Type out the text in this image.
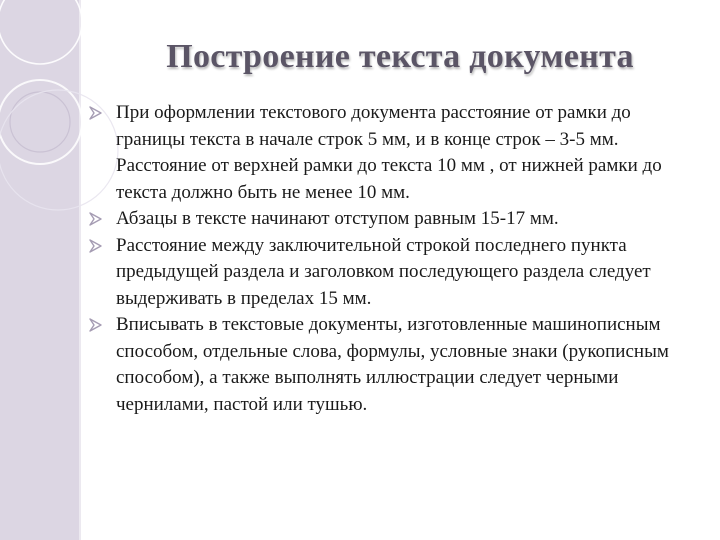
Построение текста документа
При оформлении текстового документа расстояние от рамки до границы текста в начале строк 5 мм, и в конце строк – 3-5 мм. Расстояние от верхней рамки до текста 10 мм , от нижней рамки до текста должно быть не менее 10 мм.
Абзацы в тексте начинают отступом равным 15-17 мм.
Расстояние между заключительной строкой последнего пункта предыдущей раздела и заголовком последующего раздела следует выдерживать в пределах 15 мм.
Вписывать в текстовые документы, изготовленные машинописным способом, отдельные слова, формулы, условные знаки (рукописным способом), а также выполнять иллюстрации следует черными чернилами, пастой или тушью.
